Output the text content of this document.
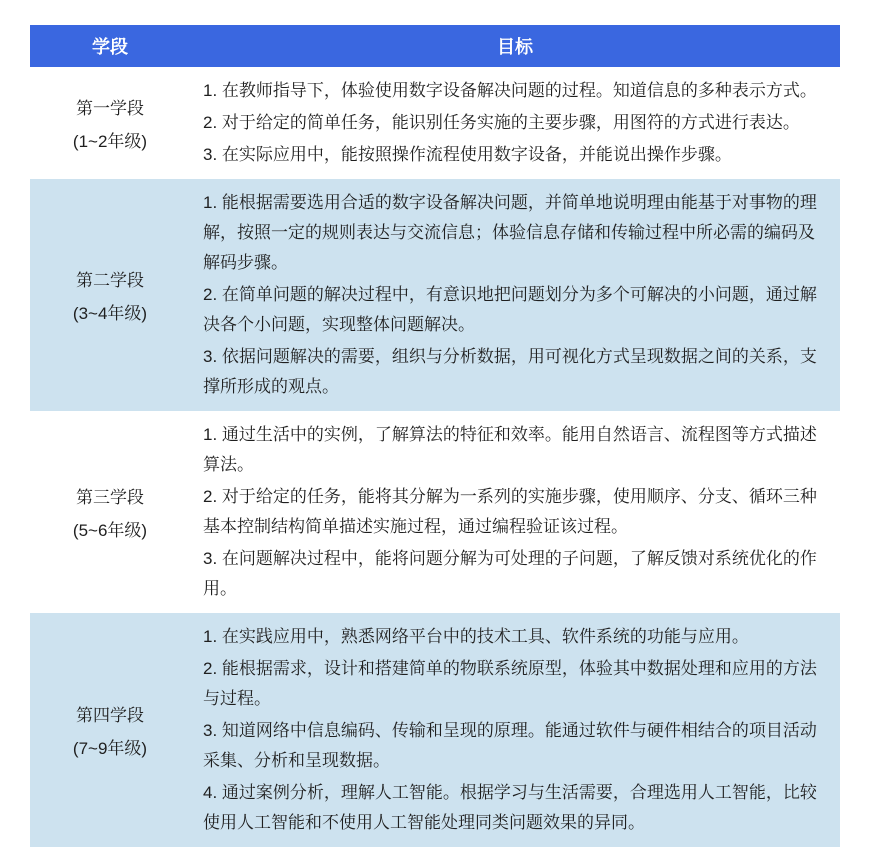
学段	目标
第一学段
(1~2年级)

1. 在教师指导下，体验使用数字设备解决问题的过程。知道信息的多种表示方式。

2. 对于给定的简单任务，能识别任务实施的主要步骤，用图符的方式进行表达。

3. 在实际应用中，能按照操作流程使用数字设备，并能说出操作步骤。

第二学段
(3~4年级)

1. 能根据需要选用合适的数字设备解决问题，并简单地说明理由能基于对事物的理解，按照一定的规则表达与交流信息；体验信息存储和传输过程中所必需的编码及解码步骤。

2. 在简单问题的解决过程中，有意识地把问题划分为多个可解决的小问题，通过解决各个小问题，实现整体问题解决。

3. 依据问题解决的需要，组织与分析数据，用可视化方式呈现数据之间的关系，支撑所形成的观点。

第三学段
(5~6年级)

1. 通过生活中的实例，了解算法的特征和效率。能用自然语言、流程图等方式描述算法。

2. 对于给定的任务，能将其分解为一系列的实施步骤，使用顺序、分支、循环三种基本控制结构简单描述实施过程，通过编程验证该过程。

3. 在问题解决过程中，能将问题分解为可处理的子问题，了解反馈对系统优化的作用。

第四学段
(7~9年级)

1. 在实践应用中，熟悉网络平台中的技术工具、软件系统的功能与应用。

2. 能根据需求，设计和搭建简单的物联系统原型，体验其中数据处理和应用的方法与过程。

3. 知道网络中信息编码、传输和呈现的原理。能通过软件与硬件相结合的项目活动采集、分析和呈现数据。

4. 通过案例分析，理解人工智能。根据学习与生活需要，合理选用人工智能，比较使用人工智能和不使用人工智能处理同类问题效果的异同。
